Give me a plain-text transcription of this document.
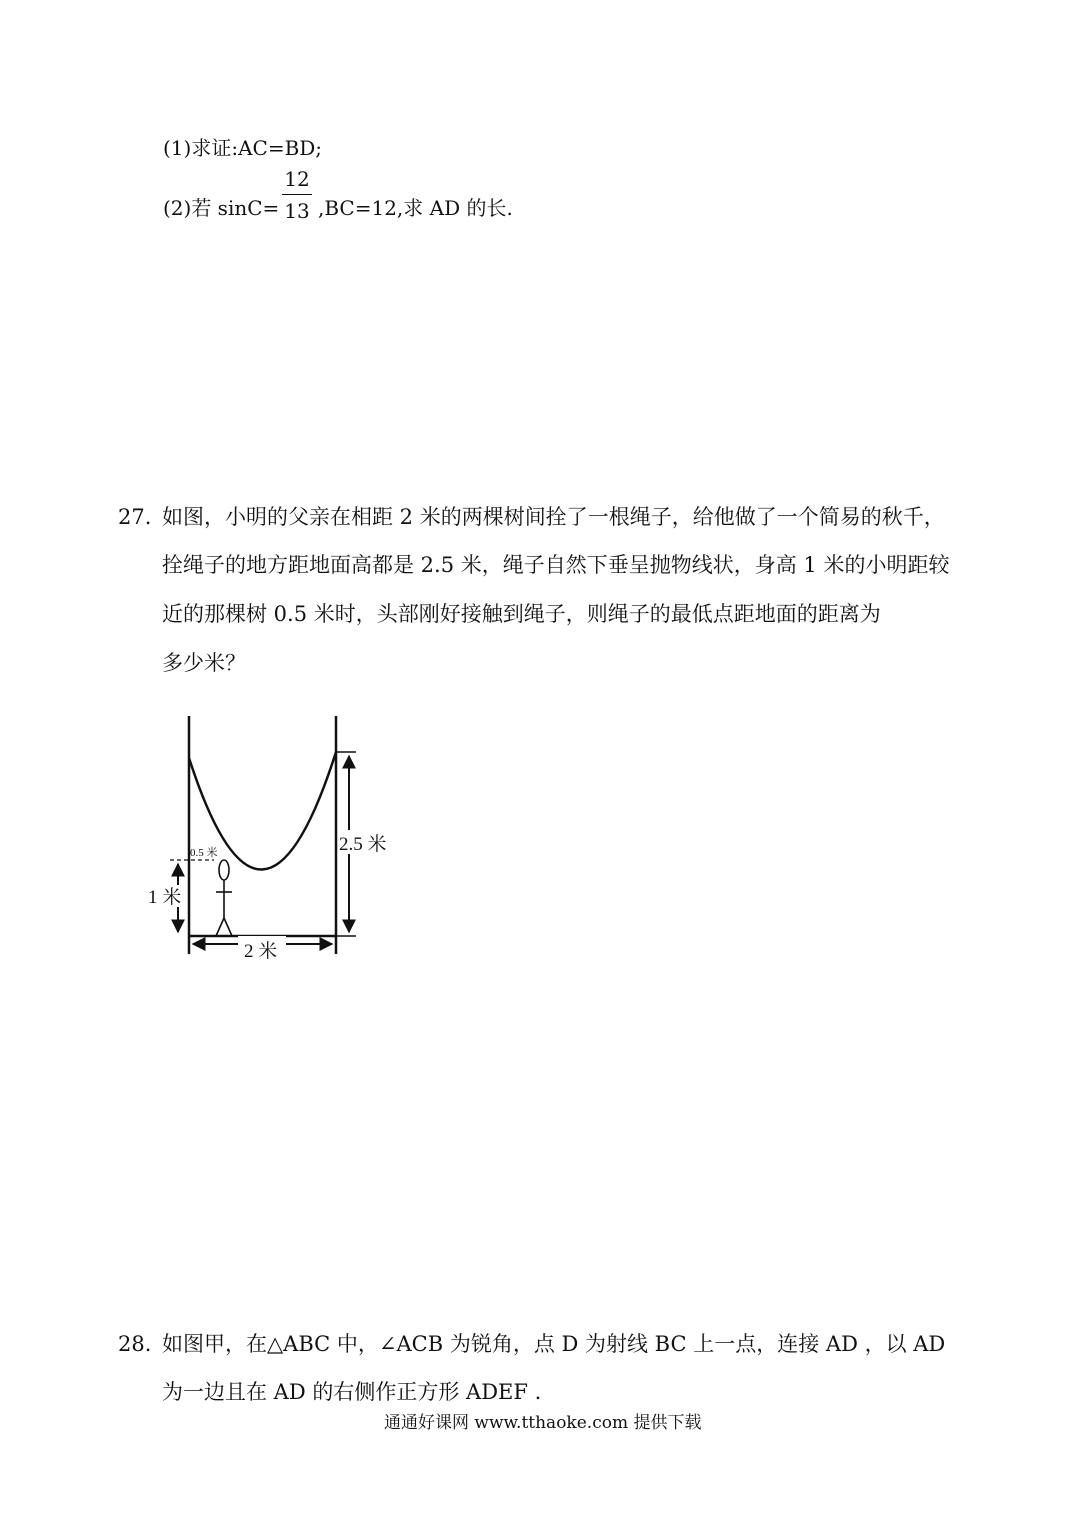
(1)求证:AC=BD;
(2)若 sinC=
12
13 ,BC=12,求 AD 的长.
27. 如图，小明的父亲在相距 2 米的两棵树间拴了一根绳子，给他做了一个简易的秋千，
拴绳子的地方距地面高都是 2.5 米，绳子自然下垂呈抛物线状，身高 1 米的小明距较
近的那棵树 0.5 米时，头部刚好接触到绳子，则绳子的最低点距地面的距离为
多少米？
2.5 米
1 米
0.5 米
2 米
28. 如图甲，在△ABC 中，∠ACB 为锐角，点 D 为射线 BC 上一点，连接 AD ，以 AD
为一边且在 AD 的右侧作正方形 ADEF .
通通好课网 www.tthaoke.com 提供下载
